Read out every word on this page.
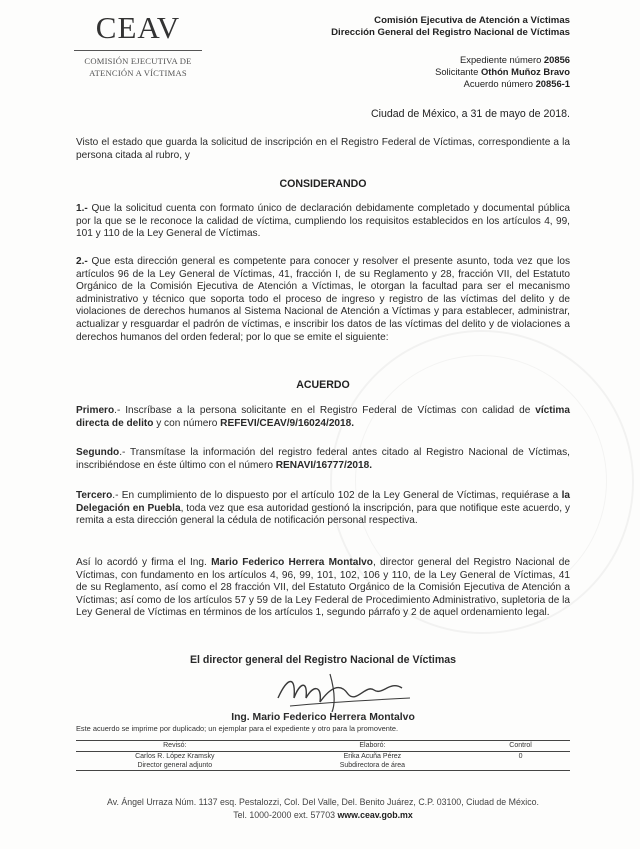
CEAV
COMISIÓN EJECUTIVA DE
ATENCIÓN A VÍCTIMAS
Comisión Ejecutiva de Atención a Víctimas
Dirección General del Registro Nacional de Víctimas
Expediente número 20856
Solicitante Othón Muñoz Bravo
Acuerdo número 20856-1
Ciudad de México, a 31 de mayo de 2018.
Visto el estado que guarda la solicitud de inscripción en el Registro Federal de Víctimas, correspondiente a la persona citada al rubro, y
CONSIDERANDO
1.- Que la solicitud cuenta con formato único de declaración debidamente completado y documental pública por la que se le reconoce la calidad de víctima, cumpliendo los requisitos establecidos en los artículos 4, 99, 101 y 110 de la Ley General de Víctimas.
2.- Que esta dirección general es competente para conocer y resolver el presente asunto, toda vez que los artículos 96 de la Ley General de Víctimas, 41, fracción I, de su Reglamento y 28, fracción VII, del Estatuto Orgánico de la Comisión Ejecutiva de Atención a Víctimas, le otorgan la facultad para ser el mecanismo administrativo y técnico que soporta todo el proceso de ingreso y registro de las víctimas del delito y de violaciones de derechos humanos al Sistema Nacional de Atención a Víctimas y para establecer, administrar, actualizar y resguardar el padrón de víctimas, e inscribir los datos de las víctimas del delito y de violaciones a derechos humanos del orden federal; por lo que se emite el siguiente:
ACUERDO
Primero.- Inscríbase a la persona solicitante en el Registro Federal de Víctimas con calidad de víctima directa de delito y con número REFEVI/CEAV/9/16024/2018.
Segundo.- Transmítase la información del registro federal antes citado al Registro Nacional de Víctimas, inscribiéndose en éste último con el número RENAVI/16777/2018.
Tercero.- En cumplimiento de lo dispuesto por el artículo 102 de la Ley General de Víctimas, requiérase a la Delegación en Puebla, toda vez que esa autoridad gestionó la inscripción, para que notifique este acuerdo, y remita a esta dirección general la cédula de notificación personal respectiva.
Así lo acordó y firma el Ing. Mario Federico Herrera Montalvo, director general del Registro Nacional de Víctimas, con fundamento en los artículos 4, 96, 99, 101, 102, 106 y 110, de la Ley General de Víctimas, 41 de su Reglamento, así como el 28 fracción VII, del Estatuto Orgánico de la Comisión Ejecutiva de Atención a Víctimas; así como de los artículos 57 y 59 de la Ley Federal de Procedimiento Administrativo, supletoria de la Ley General de Víctimas en términos de los artículos 1, segundo párrafo y 2 de aquel ordenamiento legal.
El director general del Registro Nacional de Víctimas
Ing. Mario Federico Herrera Montalvo
Este acuerdo se imprime por duplicado; un ejemplar para el expediente y otro para la promovente.
Revisó:	Elaboró:	Control
Carlos R. López Kramsky	Erika Acuña Pérez	0
Director general adjunto	Subdirectora de área	
Av. Ángel Urraza Núm. 1137 esq. Pestalozzi, Col. Del Valle, Del. Benito Juárez, C.P. 03100, Ciudad de México.
Tel. 1000-2000 ext. 57703 www.ceav.gob.mx
